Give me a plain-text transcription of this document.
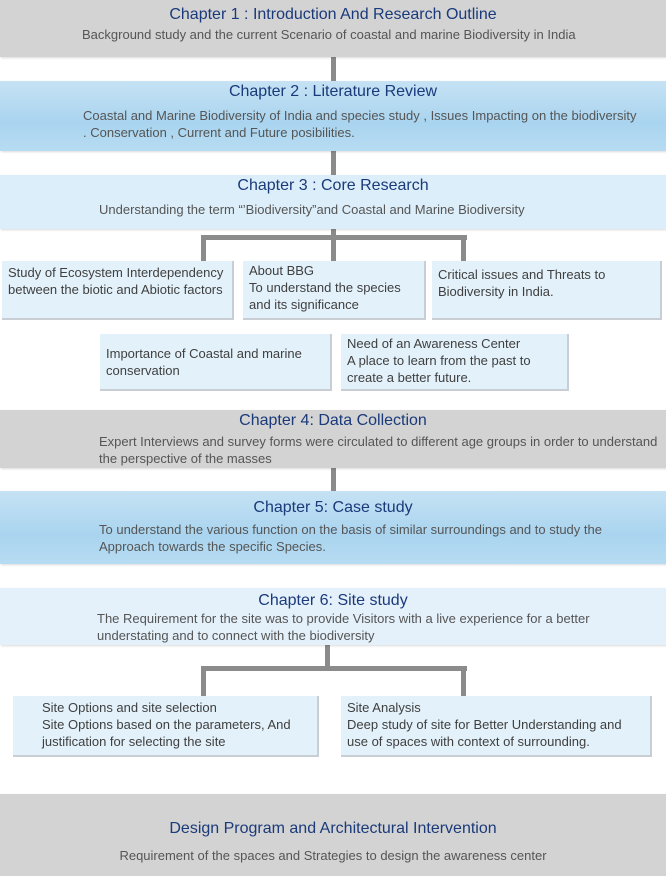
Chapter 1 : Introduction And Research Outline
Background study and the current Scenario of coastal and marine Biodiversity in India
Chapter 2 : Literature Review
Coastal and Marine Biodiversity of India and species study , Issues Impacting on the biodiversity . Conservation , Current and Future posibilities.
Chapter 3 : Core Research
Understanding the term “’Biodiversity”and Coastal and Marine Biodiversity
Study of Ecosystem Interdependency between the biotic and Abiotic factors
About BBG
To understand the species and its significance
Critical issues and Threats to Biodiversity in India.
Importance of Coastal and marine conservation
Need of an Awareness Center
A place to learn from the past to create a better future.
Chapter 4: Data Collection
Expert Interviews and survey forms were circulated to different age groups in order to understand the perspective of the masses
Chapter 5: Case study
To understand the various function on the basis of similar surroundings and to study the Approach towards the specific Species.
Chapter 6: Site study
The Requirement for the site was to provide Visitors with a live experience for a better understating and to connect with the biodiversity
Site Options and site selection
Site Options based on the parameters, And justification for selecting the site
Site Analysis
Deep study of site for Better Understanding and use of spaces with context of surrounding.
Design Program and Architectural Intervention
Requirement of the spaces and Strategies to design the awareness center
